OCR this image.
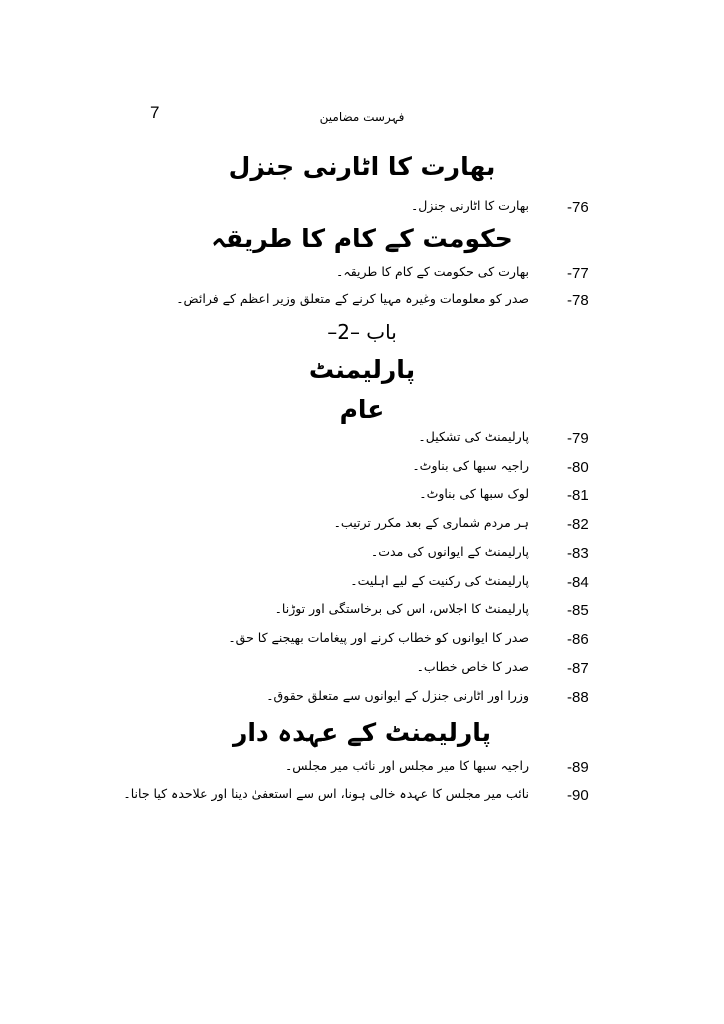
7	فہرست مضامین
بھارت کا اٹارنی جنزل
-76
بھارت کا اٹارنی جنزل۔
حکومت کے کام کا طریقہ
-77
بھارت کی حکومت کے کام کا طریقہ۔
-78
صدر کو معلومات وغیرہ مہیا کرنے کے متعلق وزیر اعظم کے فرائض۔
باب –2–
پارلیمنٹ
عام
-79
پارلیمنٹ کی تشکیل۔
-80
راجیہ سبھا کی بناوٹ۔
-81
لوک سبھا کی بناوٹ۔
-82
ہر مردم شماری کے بعد مکرر ترتیب۔
-83
پارلیمنٹ کے ایوانوں کی مدت۔
-84
پارلیمنٹ کی رکنیت کے لیے اہلیت۔
-85
پارلیمنٹ کا اجلاس، اس کی برخاستگی اور توڑنا۔
-86
صدر کا ایوانوں کو خطاب کرنے اور پیغامات بھیجنے کا حق۔
-87
صدر کا خاص خطاب۔
-88
وزرا اور اٹارنی جنزل کے ایوانوں سے متعلق حقوق۔
پارلیمنٹ کے عہدہ دار
-89
راجیہ سبھا کا میر مجلس اور نائب میر مجلس۔
-90
نائب میر مجلس کا عہدہ خالی ہونا، اس سے استعفیٰ دینا اور علاحدہ کیا جانا۔
